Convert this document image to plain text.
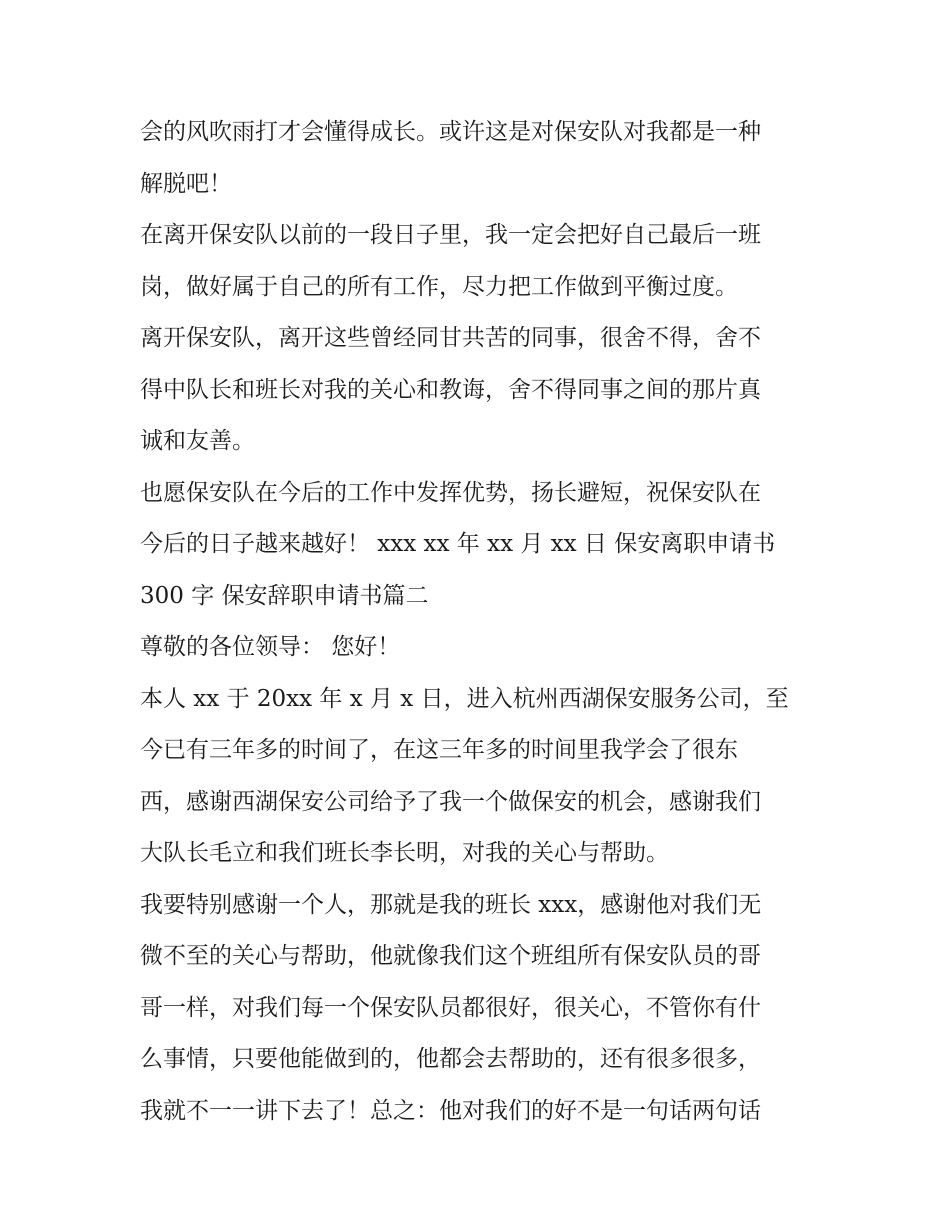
会的风吹雨打才会懂得成长。或许这是对保安队对我都是一种
解脱吧！
在离开保安队以前的一段日子里，我一定会把好自己最后一班
岗，做好属于自己的所有工作，尽力把工作做到平衡过度。
离开保安队，离开这些曾经同甘共苦的同事，很舍不得，舍不
得中队长和班长对我的关心和教诲，舍不得同事之间的那片真
诚和友善。
也愿保安队在今后的工作中发挥优势，扬长避短，祝保安队在
今后的日子越来越好！ xxx xx 年 xx 月 xx 日 保安离职申请书
300 字 保安辞职申请书篇二
尊敬的各位领导： 您好！
本人 xx 于 20xx 年 x 月 x 日，进入杭州西湖保安服务公司，至
今已有三年多的时间了，在这三年多的时间里我学会了很东
西，感谢西湖保安公司给予了我一个做保安的机会，感谢我们
大队长毛立和我们班长李长明，对我的关心与帮助。
我要特别感谢一个人，那就是我的班长 xxx，感谢他对我们无
微不至的关心与帮助，他就像我们这个班组所有保安队员的哥
哥一样，对我们每一个保安队员都很好，很关心，不管你有什
么事情，只要他能做到的，他都会去帮助的，还有很多很多，
我就不一一讲下去了！总之：他对我们的好不是一句话两句话
